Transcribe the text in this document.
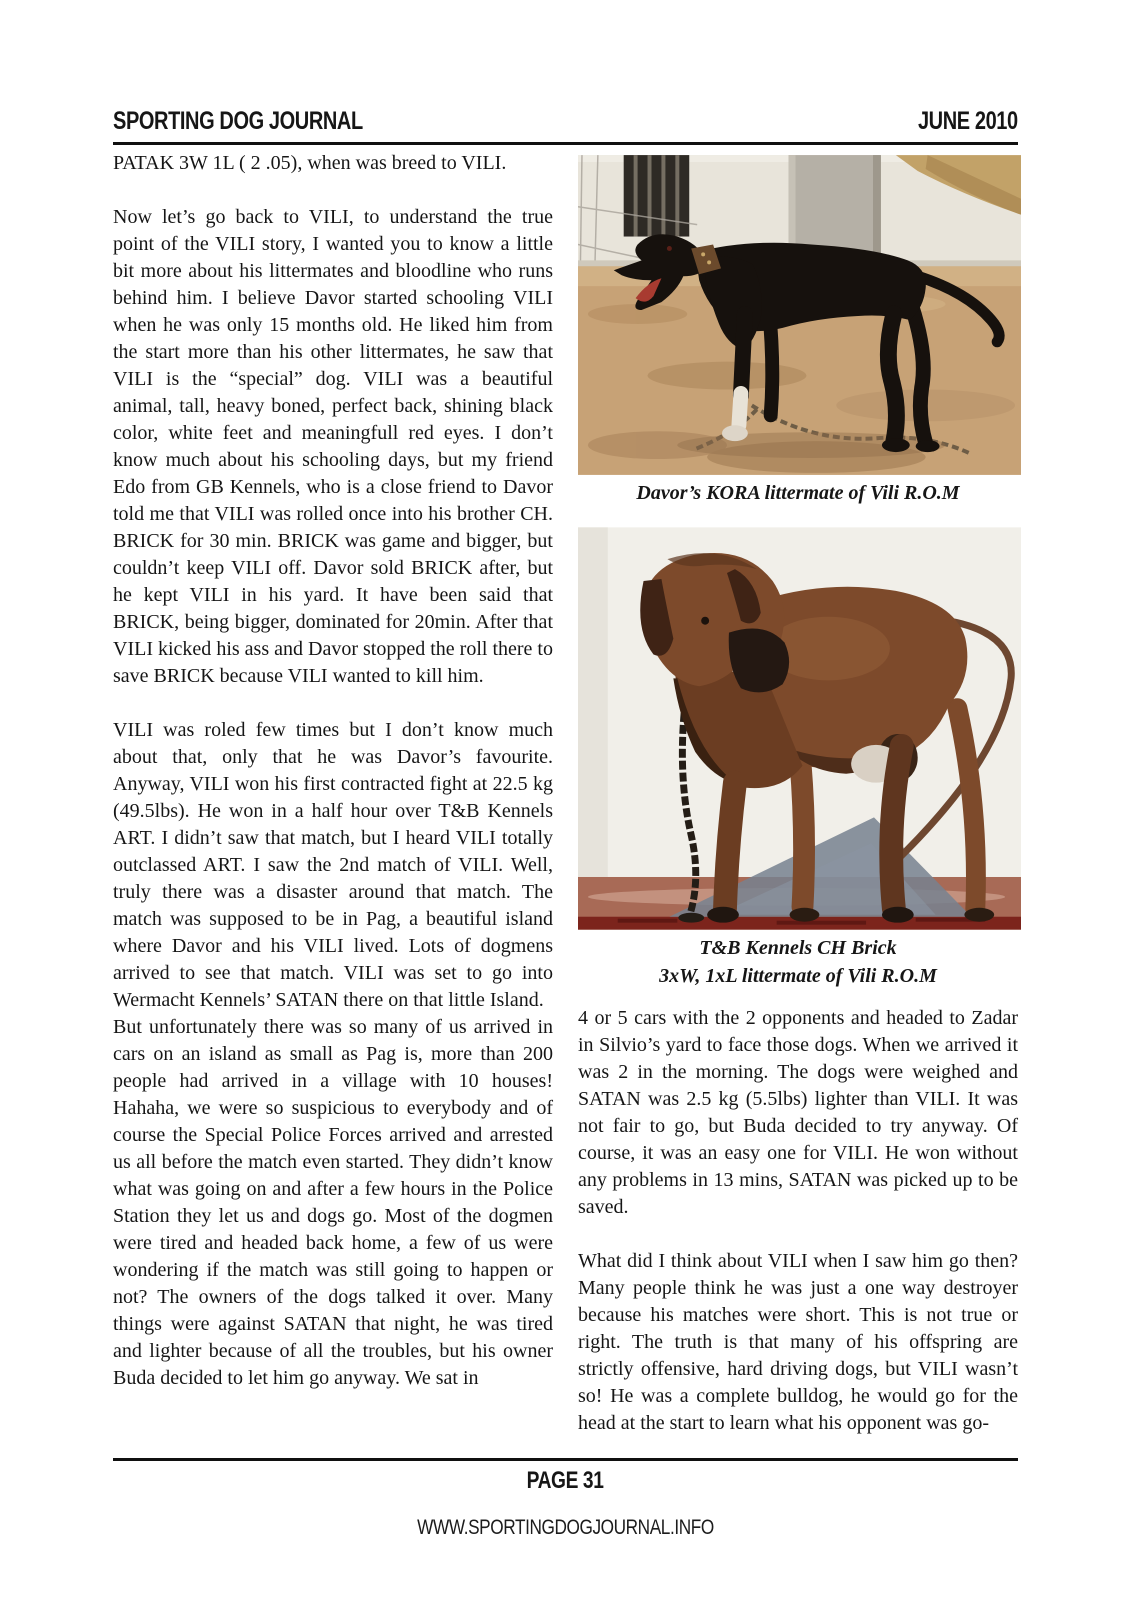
SPORTING DOG JOURNAL	JUNE 2010

PATAK 3W 1L ( 2 .05), when was breed to VILI.

Now let’s go back to VILI, to understand the true point of the VILI story, I wanted you to know a little bit more about his littermates and bloodline who runs behind him. I believe Davor started schooling VILI when he was only 15 months old. He liked him from the start more than his other littermates, he saw that VILI is the “special” dog. VILI was a beautiful animal, tall, heavy boned, perfect back, shining black color, white feet and meaningfull red eyes. I don’t know much about his schooling days, but my friend Edo from GB Kennels, who is a close friend to Davor told me that VILI was rolled once into his brother CH. BRICK for 30 min. BRICK was game and bigger, but couldn’t keep VILI off. Davor sold BRICK after, but he kept VILI in his yard. It have been said that BRICK, being bigger, dominated for 20min. After that VILI kicked his ass and Davor stopped the roll there to save BRICK because VILI wanted to kill him.

VILI was roled few times but I don’t know much about that, only that he was Davor’s favourite. Anyway, VILI won his first contracted fight at 22.5 kg (49.5lbs). He won in a half hour over T&B Kennels ART. I didn’t saw that match, but I heard VILI totally outclassed ART. I saw the 2nd match of VILI. Well, truly there was a disaster around that match. The match was supposed to be in Pag, a beautiful island where Davor and his VILI lived. Lots of dogmens arrived to see that match. VILI was set to go into Wermacht Kennels’ SATAN there on that little Island.

But unfortunately there was so many of us arrived in cars on an island as small as Pag is, more than 200 people had arrived in a village with 10 houses! Hahaha, we were so suspicious to everybody and of course the Special Police Forces arrived and arrested us all before the match even started. They didn’t know what was going on and after a few hours in the Police Station they let us and dogs go. Most of the dogmen were tired and headed back home, a few of us were wondering if the match was still going to happen or not? The owners of the dogs talked it over. Many things were against SATAN that night, he was tired and lighter because of all the troubles, but his owner Buda decided to let him go anyway. We sat in

Davor’s KORA littermate of Vili R.O.M
T&B Kennels CH Brick
3xW, 1xL littermate of Vili R.O.M

4 or 5 cars with the 2 opponents and headed to Zadar in Silvio’s yard to face those dogs. When we arrived it was 2 in the morning. The dogs were weighed and SATAN was 2.5 kg (5.5lbs) lighter than VILI. It was not fair to go, but Buda decided to try anyway. Of course, it was an easy one for VILI. He won without any problems in 13 mins, SATAN was picked up to be saved.

What did I think about VILI when I saw him go then? Many people think he was just a one way destroyer because his matches were short. This is not true or right. The truth is that many of his offspring are strictly offensive, hard driving dogs, but VILI wasn’t so! He was a complete bulldog, he would go for the head at the start to learn what his opponent was go-

PAGE 31
WWW.SPORTINGDOGJOURNAL.INFO
